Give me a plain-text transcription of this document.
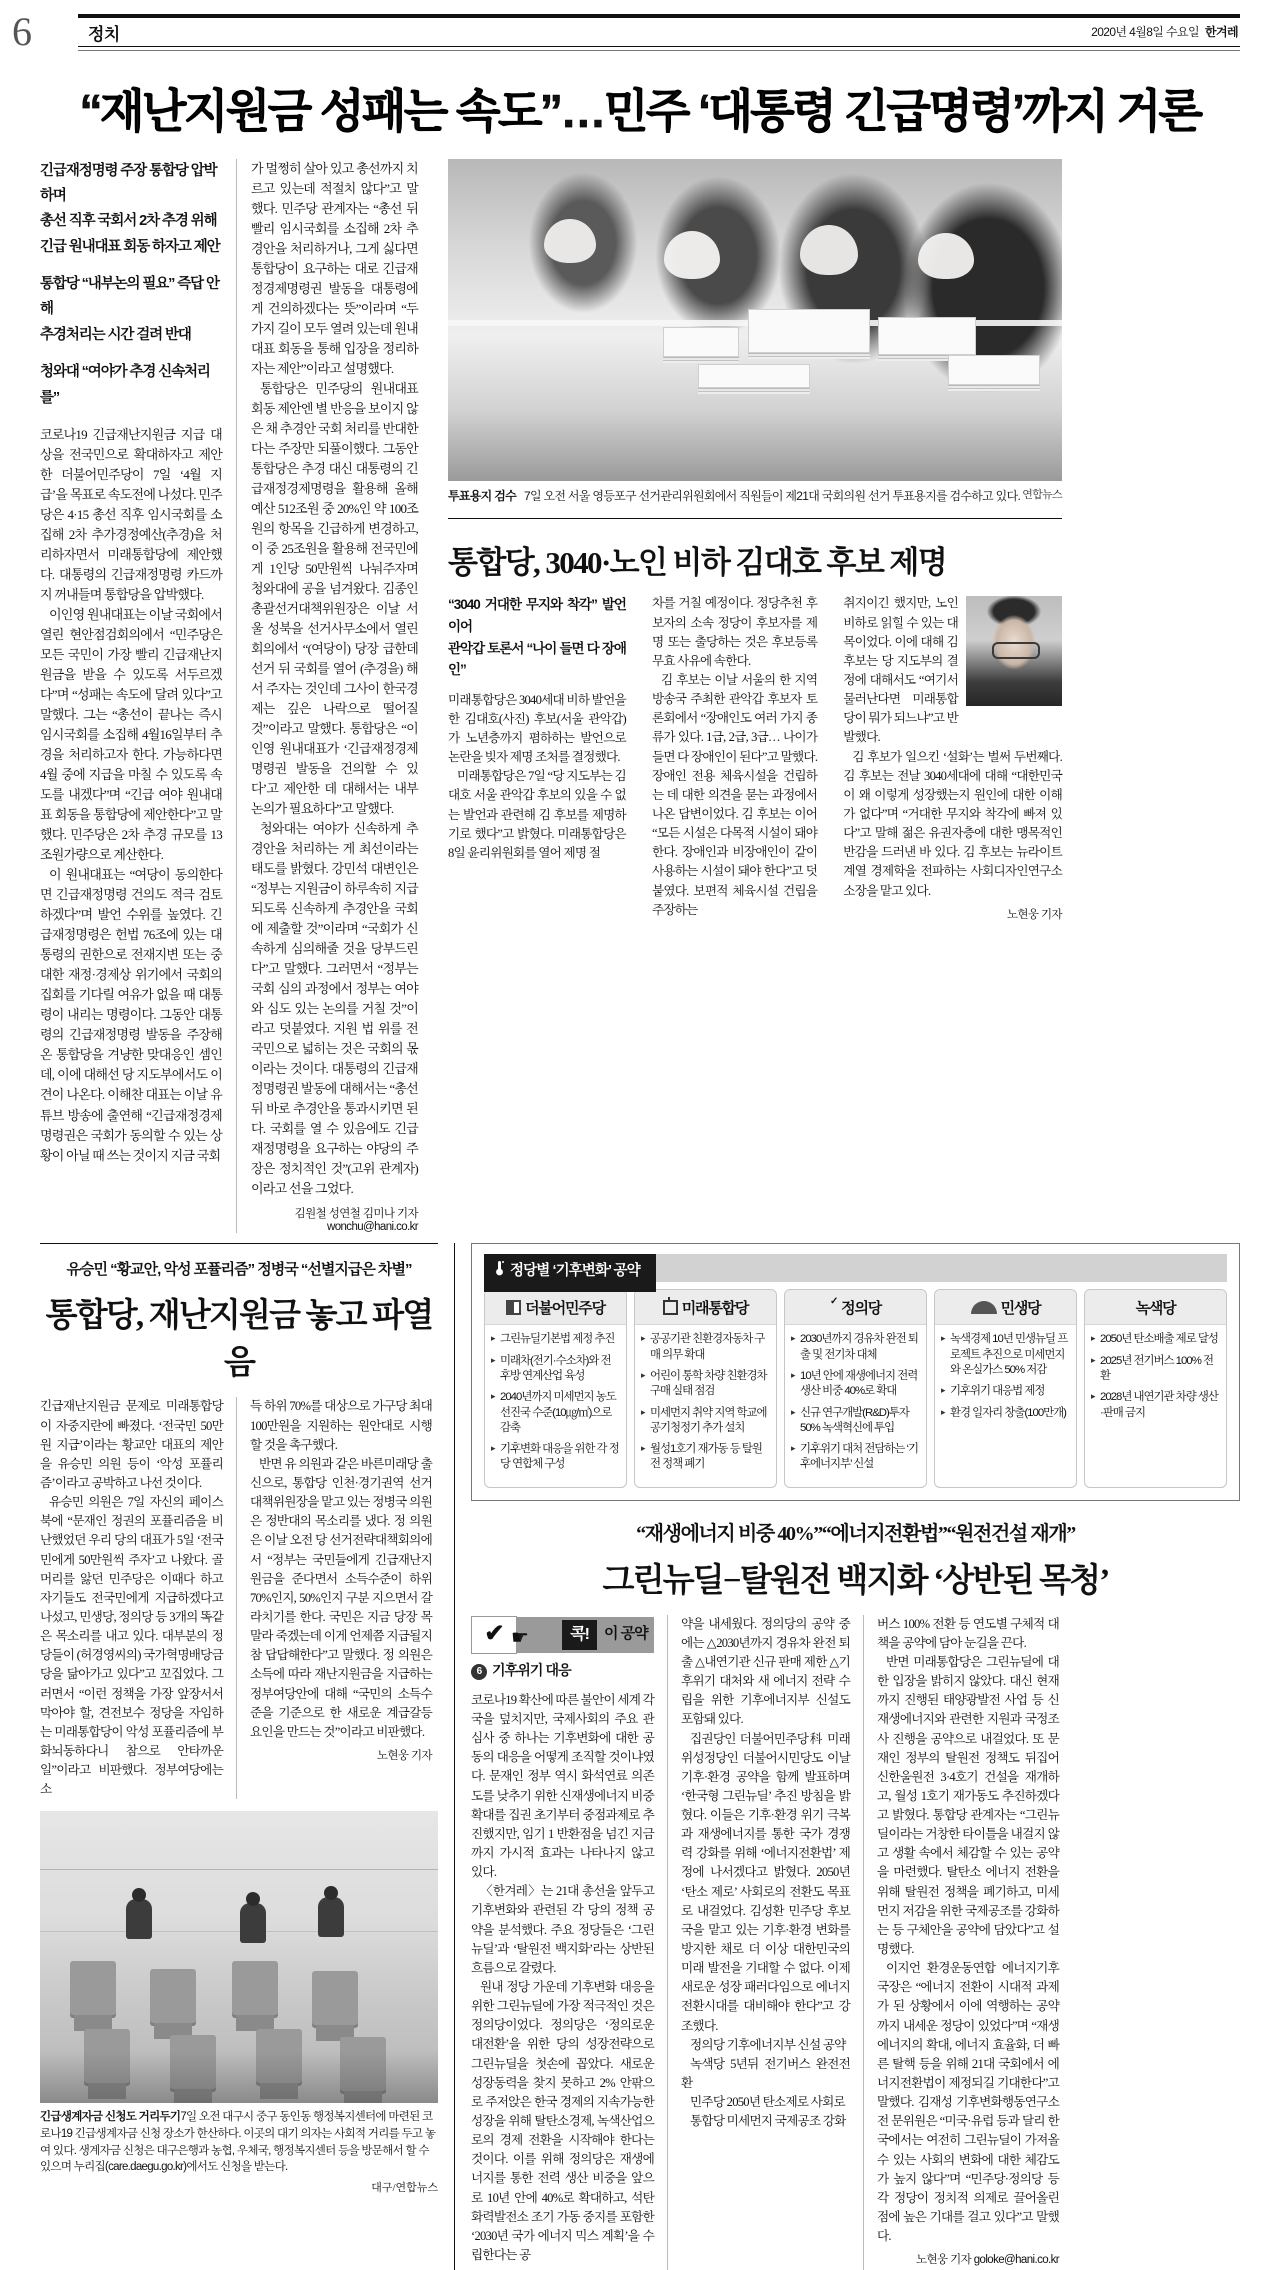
6	정치	2020년 4월8일 수요일 한겨레
“재난지원금 성패는 속도”…민주 ‘대통령 긴급명령’까지 거론

긴급재정명령 주장 통합당 압박하며
총선 직후 국회서 2차 추경 위해
긴급 원내대표 회동 하자고 제안

통합당 “내부논의 필요” 즉답 안해
추경처리는 시간 걸려 반대

청와대 “여야가 추경 신속처리를”

코로나19 긴급재난지원금 지급 대상을 전국민으로 확대하자고 제안한 더불어민주당이 7일 ‘4월 지급’을 목표로 속도전에 나섰다. 민주당은 4·15 총선 직후 임시국회를 소집해 2차 추가경정예산(추경)을 처리하자면서 미래통합당에 제안했다. 대통령의 긴급재정명령 카드까지 꺼내들며 통합당을 압박했다.

이인영 원내대표는 이날 국회에서 열린 현안점검회의에서 “민주당은 모든 국민이 가장 빨리 긴급재난지원금을 받을 수 있도록 서두르겠다”며 “성패는 속도에 달려 있다”고 말했다. 그는 “총선이 끝나는 즉시 임시국회를 소집해 4월16일부터 추경을 처리하고자 한다. 가능하다면 4월 중에 지급을 마칠 수 있도록 속도를 내겠다”며 “긴급 여야 원내대표 회동을 통합당에 제안한다”고 말했다. 민주당은 2차 추경 규모를 13조원가량으로 계산한다.

이 원내대표는 “여당이 동의한다면 긴급재정명령 건의도 적극 검토하겠다”며 발언 수위를 높였다. 긴급재정명령은 헌법 76조에 있는 대통령의 권한으로 전재지변 또는 중대한 재정·경제상 위기에서 국회의 집회를 기다릴 여유가 없을 때 대통령이 내리는 명령이다. 그동안 대통령의 긴급재정명령 발동을 주장해온 통합당을 겨냥한 맞대응인 셈인데, 이에 대해선 당 지도부에서도 이견이 나온다. 이해찬 대표는 이날 유튜브 방송에 출연해 “긴급재정경제명령권은 국회가 동의할 수 있는 상황이 아닐 때 쓰는 것이지 지금 국회

가 멀쩡히 살아 있고 총선까지 치르고 있는데 적절치 않다”고 말했다. 민주당 관계자는 “총선 뒤 빨리 임시국회를 소집해 2차 추경안을 처리하거나, 그게 싫다면 통합당이 요구하는 대로 긴급재정경제명령권 발동을 대통령에게 건의하겠다는 뜻”이라며 “두가지 길이 모두 열려 있는데 원내대표 회동을 통해 입장을 정리하자는 제안”이라고 설명했다.

통합당은 민주당의 원내대표 회동 제안엔 별 반응을 보이지 않은 채 추경안 국회 처리를 반대한다는 주장만 되풀이했다. 그동안 통합당은 추경 대신 대통령의 긴급재정경제명령을 활용해 올해 예산 512조원 중 20%인 약 100조원의 항목을 긴급하게 변경하고, 이 중 25조원을 활용해 전국민에게 1인당 50만원씩 나눠주자며 청와대에 공을 넘겨왔다. 김종인 총괄선거대책위원장은 이날 서울 성북을 선거사무소에서 열린 회의에서 “(여당이) 당장 급한데 선거 뒤 국회를 열어 (추경을) 해서 주자는 것인데 그사이 한국경제는 깊은 나락으로 떨어질 것”이라고 말했다. 통합당은 “이인영 원내대표가 ‘긴급재정경제명령권 발동을 건의할 수 있다’고 제안한 데 대해서는 내부 논의가 필요하다”고 말했다.

청와대는 여야가 신속하게 추경안을 처리하는 게 최선이라는 태도를 밝혔다. 강민석 대변인은 “정부는 지원금이 하루속히 지급되도록 신속하게 추경안을 국회에 제출할 것”이라며 “국회가 신속하게 심의해줄 것을 당부드린다”고 말했다. 그러면서 “정부는 국회 심의 과정에서 정부는 여야와 심도 있는 논의를 거칠 것”이라고 덧붙였다. 지원 법 위를 전국민으로 넓히는 것은 국회의 몫이라는 것이다. 대통령의 긴급재정명령권 발동에 대해서는 “총선 뒤 바로 추경안을 통과시키면 된다. 국회를 열 수 있음에도 긴급재정명령을 요구하는 야당의 주장은 정치적인 것”(고위 관계자)이라고 선을 그었다.

김원철 성연철 김미나 기자 wonchu@hani.co.kr
연합뉴스
투표용지 검수 7일 오전 서울 영등포구 선거관리위원회에서 직원들이 제21대 국회의원 선거 투표용지를 검수하고 있다.
통합당, 3040·노인 비하 김대호 후보 제명
“3040 거대한 무지와 착각” 발언 이어
관악갑 토론서 “나이 들면 다 장애인”

미래통합당은 3040세대 비하 발언을 한 김대호(사진) 후보(서울 관악갑)가 노년층까지 폄하하는 발언으로 논란을 빚자 제명 조처를 결정했다.

미래통합당은 7일 “당 지도부는 김대호 서울 관악갑 후보의 있을 수 없는 발언과 관련해 김 후보를 제명하기로 했다”고 밝혔다. 미래통합당은 8일 윤리위원회를 열어 제명 절

차를 거칠 예정이다. 정당추천 후보자의 소속 정당이 후보자를 제명 또는 출당하는 것은 후보등록 무효 사유에 속한다.

김 후보는 이날 서울의 한 지역방송국 주최한 관악갑 후보자 토론회에서 “장애인도 여러 가지 종류가 있다. 1급, 2급, 3급… 나이가 들면 다 장애인이 된다”고 말했다. 장애인 전용 체육시설을 건립하는 데 대한 의견을 묻는 과정에서 나온 답변이었다. 김 후보는 이어 “모든 시설은 다목적 시설이 돼야 한다. 장애인과 비장애인이 같이 사용하는 시설이 돼야 한다”고 덧붙였다. 보편적 체육시설 건립을 주장하는

취지이긴 했지만, 노인 비하로 읽힐 수 있는 대목이었다. 이에 대해 김 후보는 당 지도부의 결정에 대해서도 “여기서 물러난다면 미래통합당이 뭐가 되느냐”고 반발했다.

김 후보가 일으킨 ‘설화’는 벌써 두번째다. 김 후보는 전날 3040세대에 대해 “대한민국이 왜 이렇게 성장했는지 원인에 대한 이해가 없다”며 “거대한 무지와 착각에 빠져 있다”고 말해 젊은 유권자층에 대한 맹목적인 반감을 드러낸 바 있다. 김 후보는 뉴라이트 계열 경제학을 전파하는 사회디자인연구소 소장을 맡고 있다.

노현웅 기자
유승민 “황교안, 악성 포퓰리즘” 정병국 “선별지급은 차별”
통합당, 재난지원금 놓고 파열음

긴급재난지원금 문제로 미래통합당이 자중지란에 빠졌다. ‘전국민 50만원 지급’이라는 황교안 대표의 제안을 유승민 의원 등이 ‘악성 포퓰리즘’이라고 공박하고 나선 것이다.

유승민 의원은 7일 자신의 페이스북에 “문재인 정권의 포퓰리즘을 비난했었던 우리 당의 대표가 5일 ‘전국민에게 50만원씩 주자’고 나왔다. 골머리를 앓던 민주당은 이때다 하고 자기들도 전국민에게 지급하겠다고 나섰고, 민생당, 정의당 등 3개의 똑같은 목소리를 내고 있다. 대부분의 정당들이 (허경영씨의) 국가혁명배당금당을 닮아가고 있다”고 꼬집었다. 그러면서 “이런 정책을 가장 앞장서서 막아야 할, 견전보수 정당을 자임하는 미래통합당이 악성 포퓰리즘에 부화뇌동하다니 참으로 안타까운 일”이라고 비판했다. 정부여당에는 소

득 하위 70%를 대상으로 가구당 최대 100만원을 지원하는 원안대로 시행할 것을 촉구했다.

반면 유 의원과 같은 바른미래당 출신으로, 통합당 인천·경기권역 선거대책위원장을 맡고 있는 정병국 의원은 정반대의 목소리를 냈다. 정 의원은 이날 오전 당 선거전략대책회의에서 “정부는 국민들에게 긴급재난지원금을 준다면서 소득수준이 하위 70%인지, 50%인지 구분 지으면서 갈라치기를 한다. 국민은 지금 당장 목말라 죽겠는데 이게 언제쯤 지급될지 참 답답해한다”고 말했다. 정 의원은 소득에 따라 재난지원금을 지급하는 정부여당안에 대해 “국민의 소득수준을 기준으로 한 새로운 계급갈등 요인을 만드는 것”이라고 비판했다.

노현웅 기자
긴급생계자금 신청도 거리두기7일 오전 대구시 중구 동인동 행정복지센터에 마련된 코로나19 긴급생계자금 신청 장소가 한산하다. 이곳의 대기 의자는 사회적 거리를 두고 놓여 있다. 생계자금 신청은 대구은행과 농협, 우체국, 행정복지센터 등을 방문해서 할 수 있으며 누리집(care.daegu.go.kr)에서도 신청을 받는다.
대구/연합뉴스
정당별 ‘기후변화’ 공약
더불어민주당
▸ 그린뉴딜기본법 제정 추진
▸ 미래차(전기·수소차)와 전후방 연계산업 육성
▸ 2040년까지 미세먼지 농도 선진국 수준(10㎍/㎥)으로 감축
▸ 기후변화 대응을 위한 각 정당 연합체 구성
미래통합당
▸ 공공기관 친환경자동차 구매 의무 확대
▸ 어린이 통학 차량 친환경차 구매 실태 점검
▸ 미세먼지 취약 지역 학교에 공기청정기 추가 설치
▸ 월성1호기 재가동 등 탈원전 정책 폐기
✓ 정의당
▸ 2030년까지 경유차 완전 퇴출 및 전기차 대체
▸ 10년 안에 재생에너지 전력생산 비중 40%로 확대
▸ 신규 연구개발(R&D)투자 50% 녹색혁신에 투입
▸ 기후위기 대처 전담하는 ‘기후에너지부’ 신설
민생당
▸ 녹색경제 10년 민생뉴딜 프로젝트 추진으로 미세먼지와 온실가스 50% 저감
▸ 기후위기 대응법 제정
▸ 환경 일자리 창출(100만개)
녹색당
▸ 2050년 탄소배출 제로 달성
▸ 2025년 전기버스 100% 전환
▸ 2028년 내연기관 차량 생산·판매 금지
“재생에너지 비중 40%”“에너지전환법”“원전건설 재개”
그린뉴딜−탈원전 백지화 ‘상반된 목청’
✔ ☛	콕!	이 공약
6 기후위기 대응

코로나19 확산에 따른 불안이 세계 각국을 덮치지만, 국제사회의 주요 관심사 중 하나는 기후변화에 대한 공동의 대응을 어떻게 조직할 것이냐였다. 문재인 정부 역시 화석연료 의존도를 낮추기 위한 신재생에너지 비중 확대를 집권 초기부터 중점과제로 추진했지만, 임기 1 반환점을 넘긴 지금까지 가시적 효과는 나타나지 않고 있다.

〈한겨레〉는 21대 총선을 앞두고 기후변화와 관련된 각 당의 정책 공약을 분석했다. 주요 정당들은 ‘그린뉴딜’과 ‘탈원전 백지화’라는 상반된 흐름으로 갈렸다.

원내 정당 가운데 기후변화 대응을 위한 그린뉴딜에 가장 적극적인 것은 정의당이었다. 정의당은 ‘정의로운 대전환’을 위한 당의 성장전략으로 그린뉴딜을 첫손에 꼽았다. 새로운 성장동력을 찾지 못하고 2% 안팎으로 주저앉은 한국 경제의 지속가능한 성장을 위해 탈탄소경제, 녹색산업으로의 경제 전환을 시작해야 한다는 것이다. 이를 위해 정의당은 재생에너지를 통한 전력 생산 비중을 앞으로 10년 안에 40%로 확대하고, 석탄화력발전소 조기 가동 중지를 포함한 ‘2030년 국가 에너지 믹스 계획’을 수립한다는 공

약을 내세웠다. 정의당의 공약 중에는 △2030년까지 경유차 완전 퇴출 △내연기관 신규 판매 제한 △기후위기 대처와 새 에너지 전략 수립을 위한 기후에너지부 신설도 포함돼 있다.

집권당인 더불어민주당科 미래위성정당인 더불어시민당도 이날 기후·환경 공약을 함께 발표하며 ‘한국형 그린뉴딜’ 추진 방침을 밝혔다. 이들은 기후·환경 위기 극복과 재생에너지를 통한 국가 경쟁력 강화를 위해 ‘에너지전환법’ 제정에 나서겠다고 밝혔다. 2050년 ‘탄소 제로’ 사회로의 전환도 목표로 내걸었다. 김성환 민주당 후보국을 맡고 있는 기후·환경 변화를 방지한 채로 더 이상 대한민국의 미래 발전을 기대할 수 없다. 이제 새로운 성장 패러다임으로 에너지 전환시대를 대비해야 한다”고 강조했다.

정의당 기후에너지부 신설 공약

녹색당 5년뒤 전기버스 완전전환

민주당 2050년 탄소제로 사회로

통합당 미세먼지 국제공조 강화

버스 100% 전환 등 연도별 구체적 대책을 공약에 담아 눈길을 끈다.

반면 미래통합당은 그린뉴딜에 대한 입장을 밝히지 않았다. 대신 현재까지 진행된 태양광발전 사업 등 신재생에너지와 관련한 지원과 국정조사 진행을 공약으로 내걸었다. 또 문재인 정부의 탈원전 정책도 뒤집어 신한울원전 3·4호기 건설을 재개하고, 월성 1호기 재가동도 추진하겠다고 밝혔다. 통합당 관계자는 “그린뉴딜이라는 거창한 타이틀을 내걸지 않고 생활 속에서 체감할 수 있는 공약을 마련했다. 탈탄소 에너지 전환을 위해 탈원전 정책을 폐기하고, 미세먼지 저감을 위한 국제공조를 강화하는 등 구체안을 공약에 담았다”고 설명했다.

이지언 환경운동연합 에너지기후국장은 “에너지 전환이 시대적 과제가 된 상황에서 이에 역행하는 공약까지 내세운 정당이 있었다”며 “재생에너지의 확대, 에너지 효율화, 더 빠른 탈핵 등을 위해 21대 국회에서 에너지전환법이 제정되길 기대한다”고 말했다. 김재성 기후변화행동연구소 전 문위원은 “미국·유럽 등과 달리 한국에서는 여전히 그린뉴딜이 가져올 수 있는 사회의 변화에 대한 체감도가 높지 않다”며 “민주당·정의당 등 각 정당이 정치적 의제로 끌어올린 점에 높은 기대를 걸고 있다”고 말했다.

노현웅 기자 goloke@hani.co.kr
